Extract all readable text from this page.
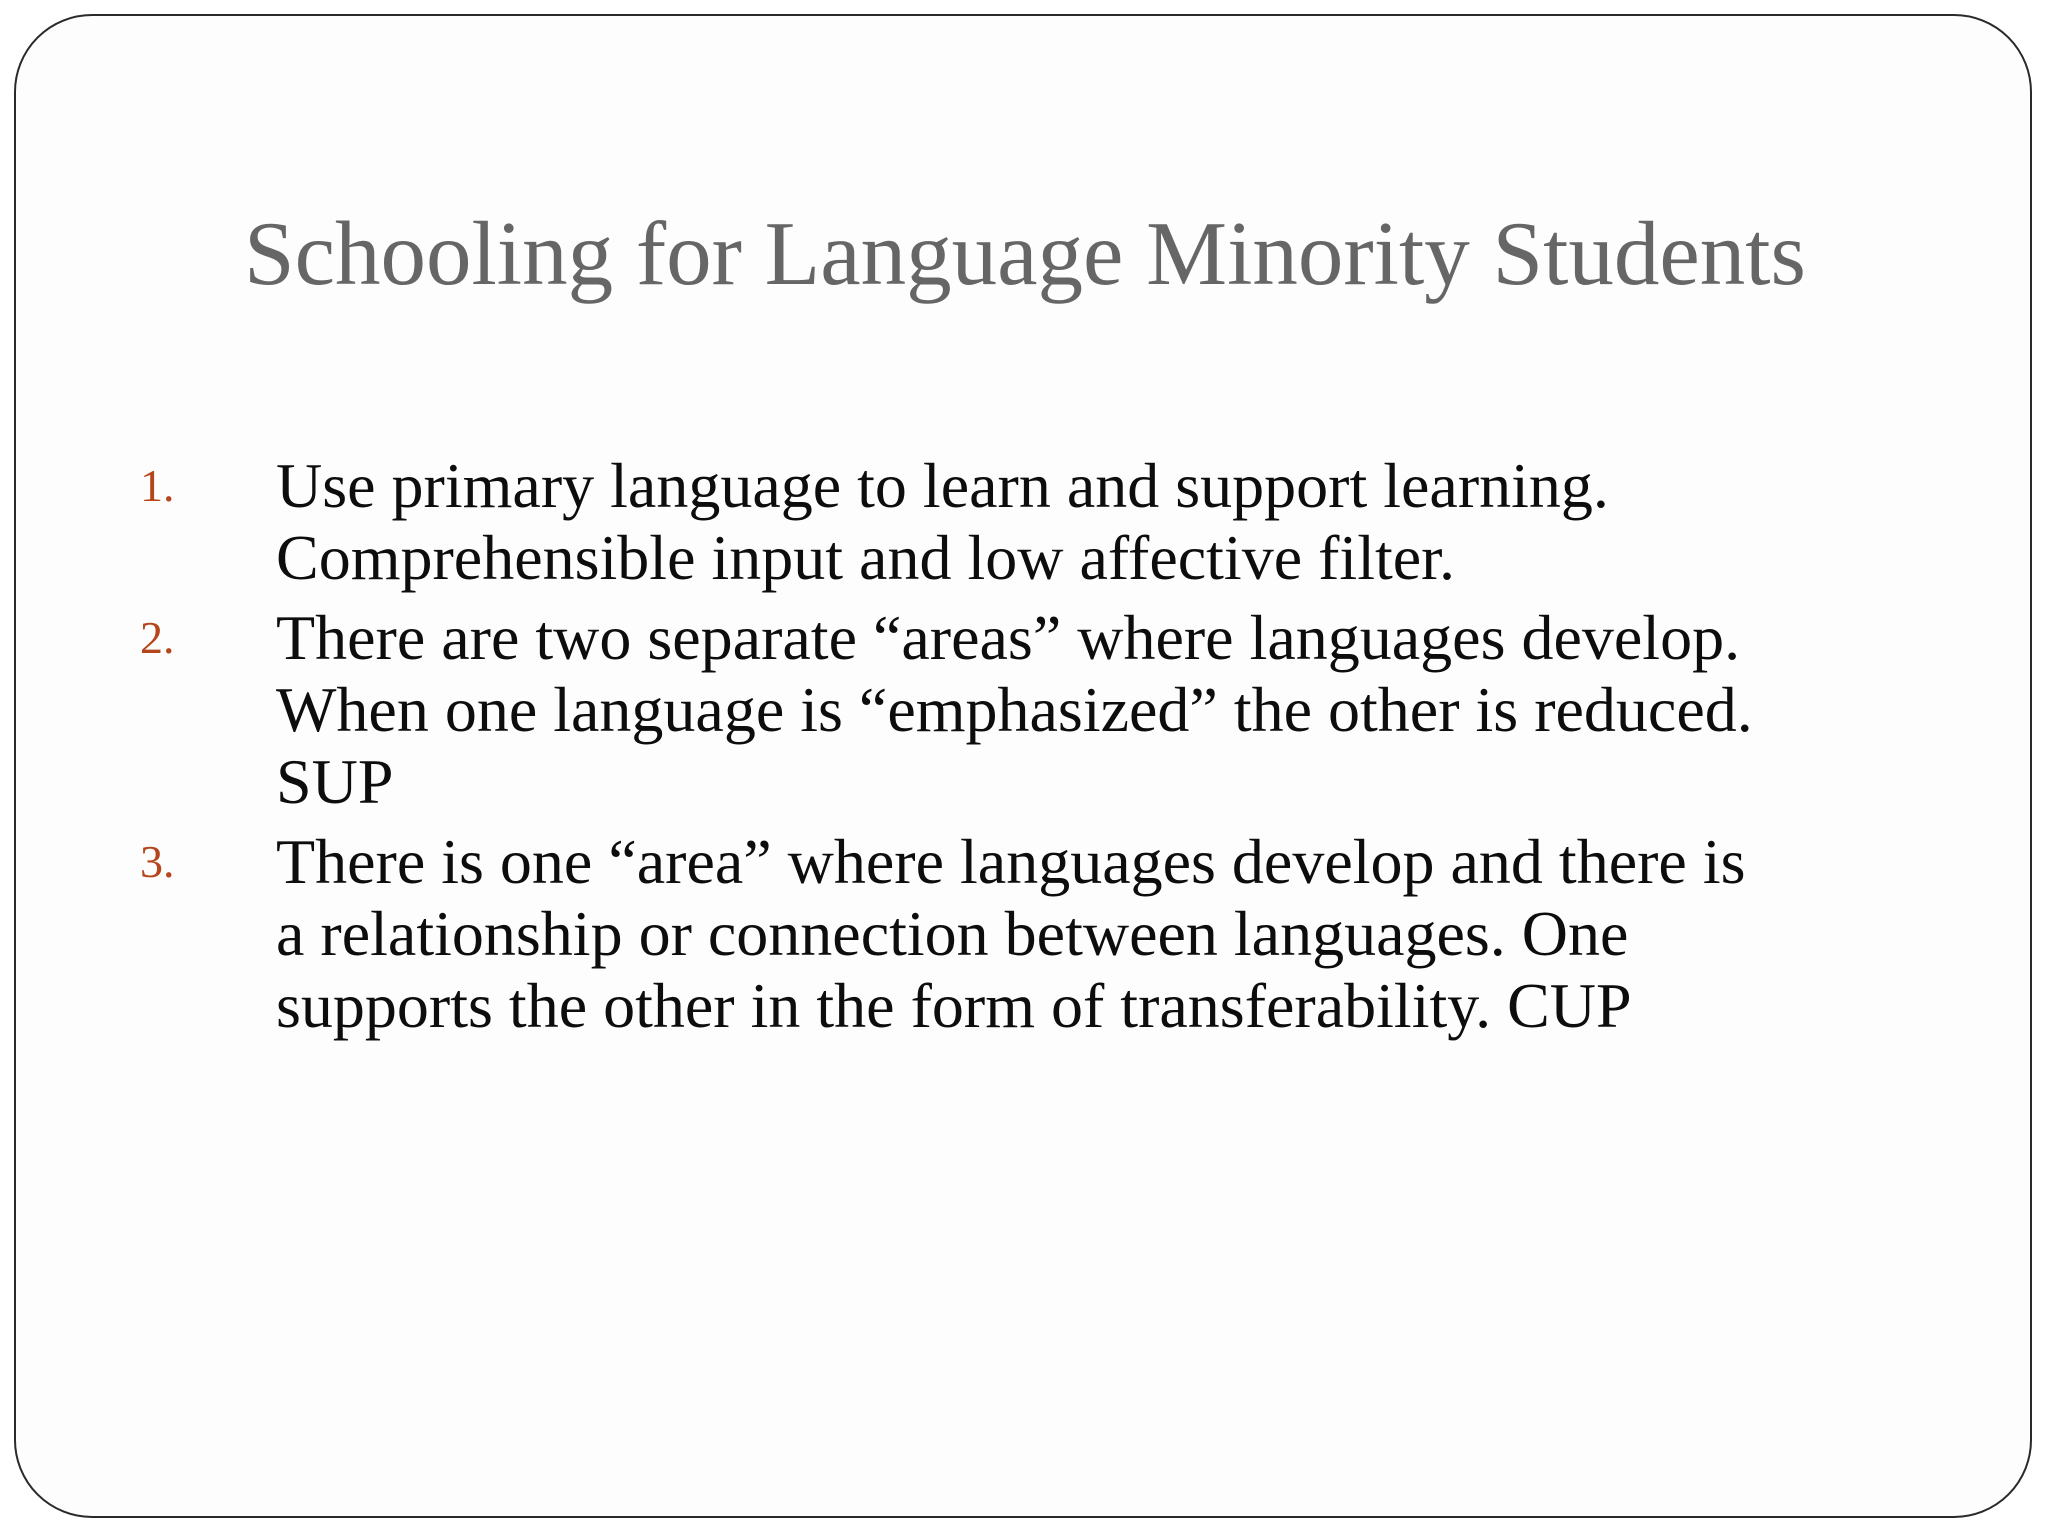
Schooling for Language Minority Students
1.	Use primary language to learn and support learning.
Comprehensible input and low affective filter.
2.	There are two separate “areas” where languages develop.
When one language is “emphasized” the other is reduced.
SUP
3.	There is one “area” where languages develop and there is
a relationship or connection between languages. One
supports the other in the form of transferability. CUP
